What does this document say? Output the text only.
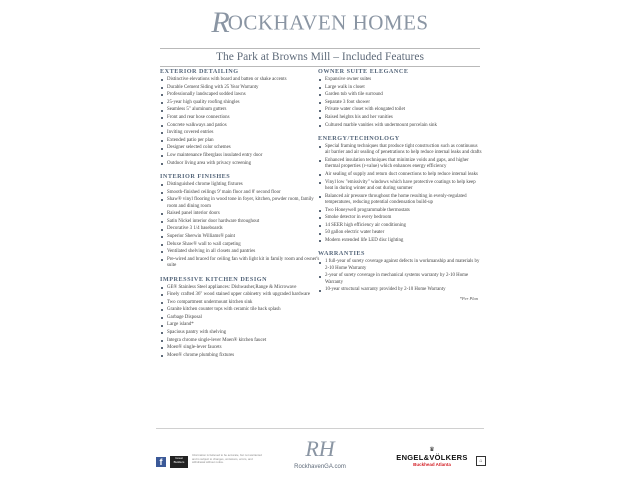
ROCKHAVEN HOMES
The Park at Browns Mill – Included Features
EXTERIOR DETAILING
Distinctive elevations with board and batten or shake accents
Durable Cement Siding with 25 Year Warranty
Professionally landscaped sodded lawns
25-year high quality roofing shingles
Seamless 5" aluminum gutters
Front and rear hose connections
Concrete walkways and patios
Inviting covered entries
Extended patio per plan
Designer selected color schemes
Low maintenance fiberglass insulated entry door
Outdoor living area with privacy screening
INTERIOR FINISHES
Distinguished chrome lighting fixtures
Smooth-finished ceilings 9' main floor and 8' second floor
Shaw® vinyl flooring in wood tone in foyer, kitchen, powder room, family room and dining room
Raised panel interior doors
Satin Nickel interior door hardware throughout
Decorative 3 1/4 baseboards
Superior Sherwin Williams® paint
Deluxe Shaw® wall to wall carpeting
Ventilated shelving in all closets and pantries
Pre-wired and braced for ceiling fan with light kit in family room and owner's suite
IMPRESSIVE KITCHEN DESIGN
GE® Stainless Steel appliances: Dishwasher,Range & Microwave
Finely crafted 36" wood stained upper cabinetry with upgraded hardware
Two compartment undermount kitchen sink
Granite kitchen counter tops with ceramic tile back splash
Garbage Disposal
Large island*
Spacious pantry with shelving
Integra chrome single-lever Moen® kitchen faucet
Moen® single-lever faucets
Moen® chrome plumbing fixtures
OWNER SUITE ELEGANCE
Expansive owner suites
Large walk in closet
Garden tub with tile surround
Separate 3 foot shower
Private water closet with elongated toilet
Raised heights his and her vanities
Cultured marble vanities with undermount porcelain sink
ENERGY/TECHNOLOGY
Special framing techniques that produce tight construction such as continuous air barrier and air sealing of penetrations to help reduce internal leaks and drafts
Enhanced insulation techniques that minimize voids and gaps, and higher thermal properties (r-value) which enhances energy efficiency
Air sealing of supply and return duct connections to help reduce internal leaks
Vinyl low "emissivity" windows which have protective coatings to help keep heat in during winter and out during summer
Balanced air pressure throughout the home resulting in evenly-regulated temperatures, reducing potential condensation build-up
Two Honeywell programmable thermostats
Smoke detector in every bedroom
14 SEER high efficiency air conditioning
50 gallon electric water heater
Modern extended life LED disc lighting
WARRANTIES
1 full-year of surety coverage against defects in workmanship and materials by 2-10 Home Warranty
2-year of surety coverage in mechanical systems warranty by 2-10 Home Warranty
10-year structural warranty provided by 2-10 Home Warranty
*Per Plan
f	Great Builders
Information is believed to be accurate, but not warranted and is subject to changes, omissions, errors, and withdrawal without notice.
RH
RockhavenGA.com
♛
ENGEL&VÖLKERS
Buckhead Atlanta
⌂
